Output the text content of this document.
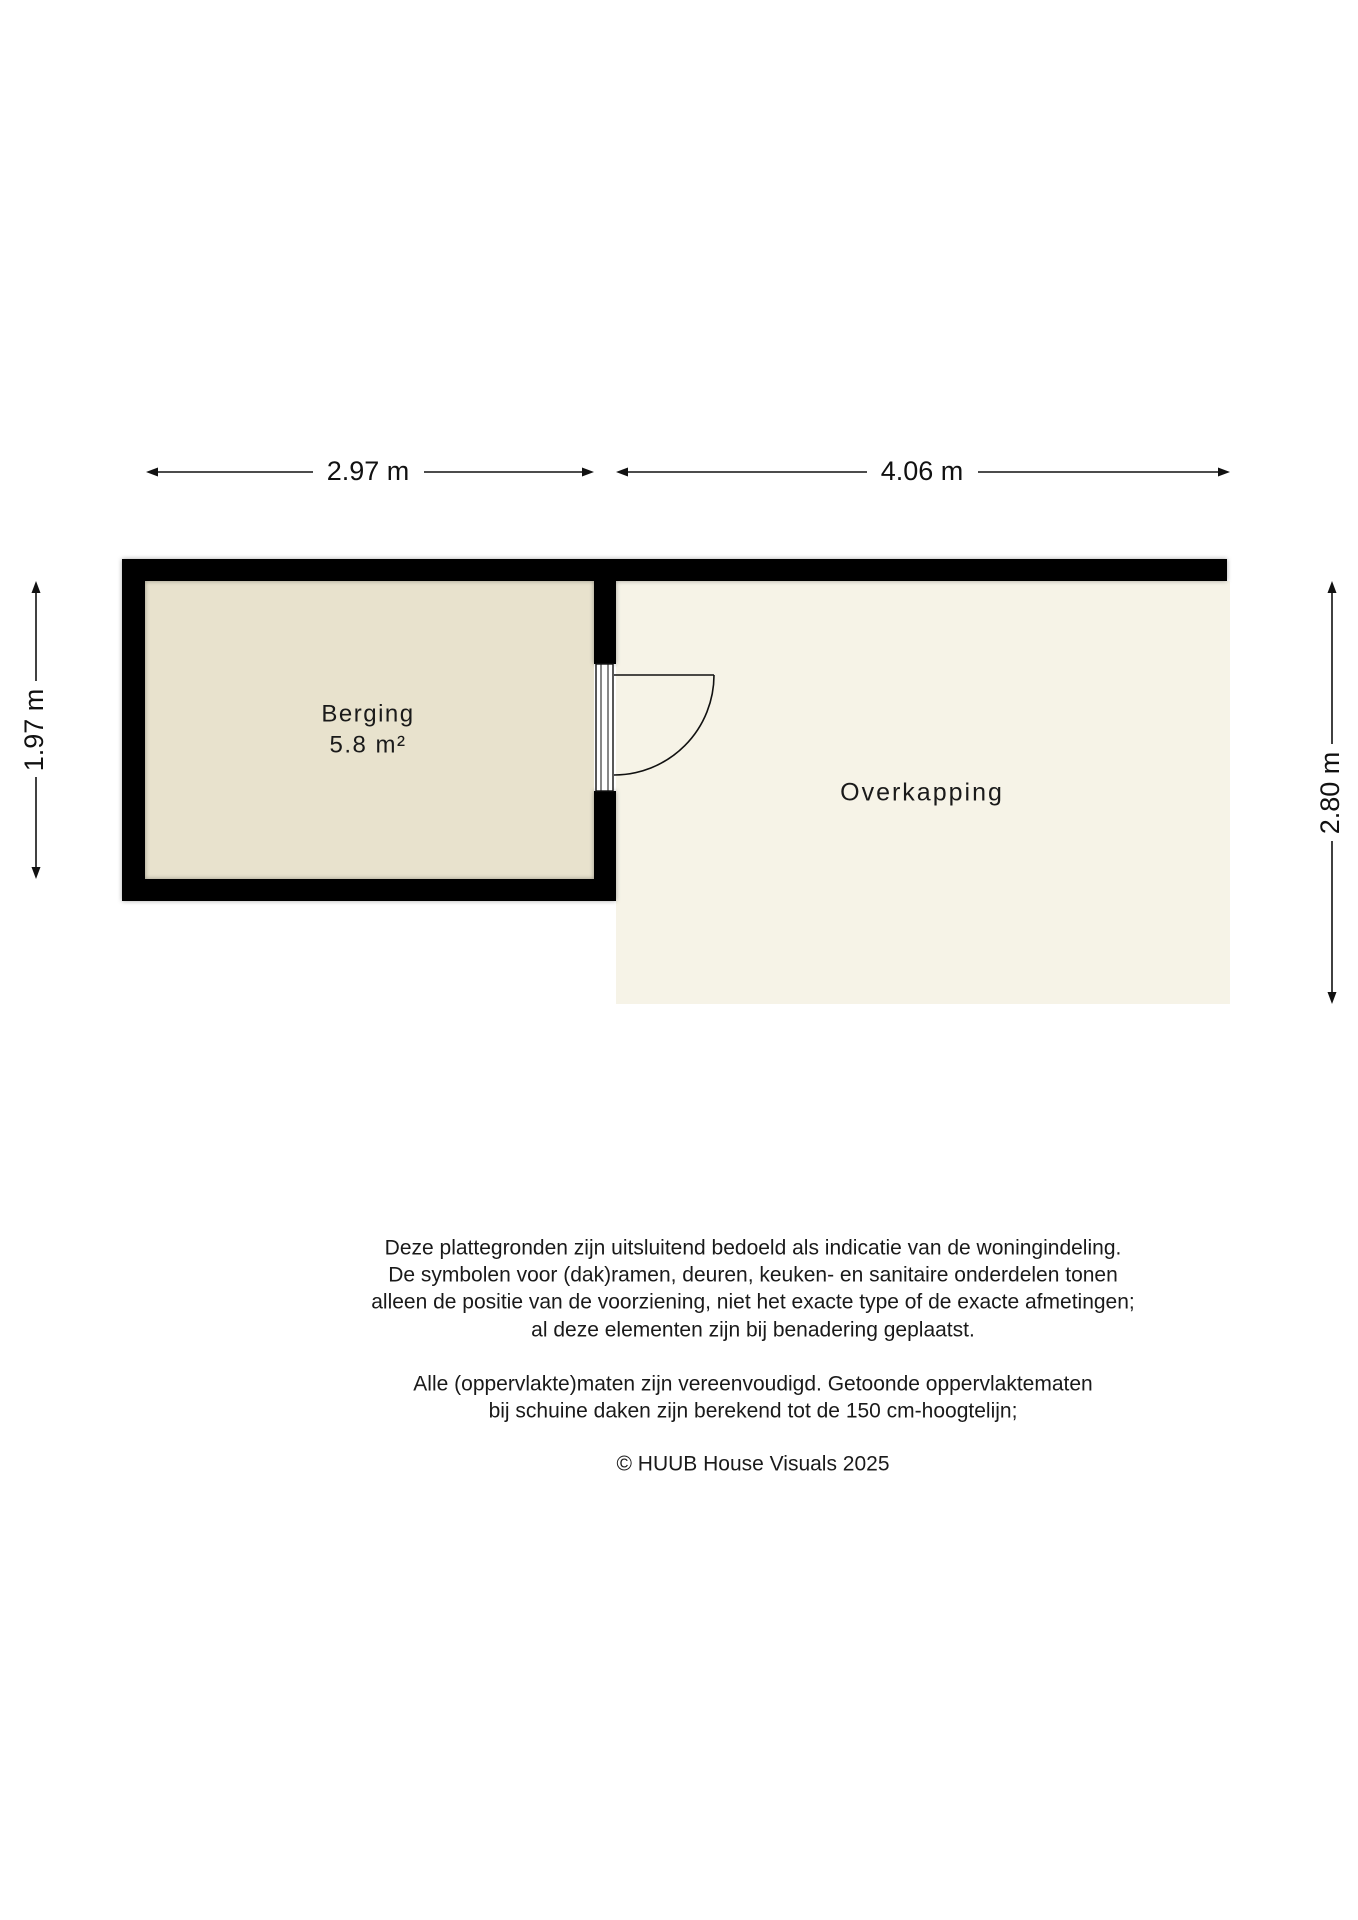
Berging
5.8 m²
Overkapping
2.97 m	4.06 m
1.97 m
2.80 m
Deze plattegronden zijn uitsluitend bedoeld als indicatie van de woningindeling.
De symbolen voor (dak)ramen, deuren, keuken- en sanitaire onderdelen tonen
alleen de positie van de voorziening, niet het exacte type of de exacte afmetingen;
al deze elementen zijn bij benadering geplaatst.
Alle (oppervlakte)maten zijn vereenvoudigd. Getoonde oppervlaktematen
bij schuine daken zijn berekend tot de 150 cm-hoogtelijn;
© HUUB House Visuals 2025
